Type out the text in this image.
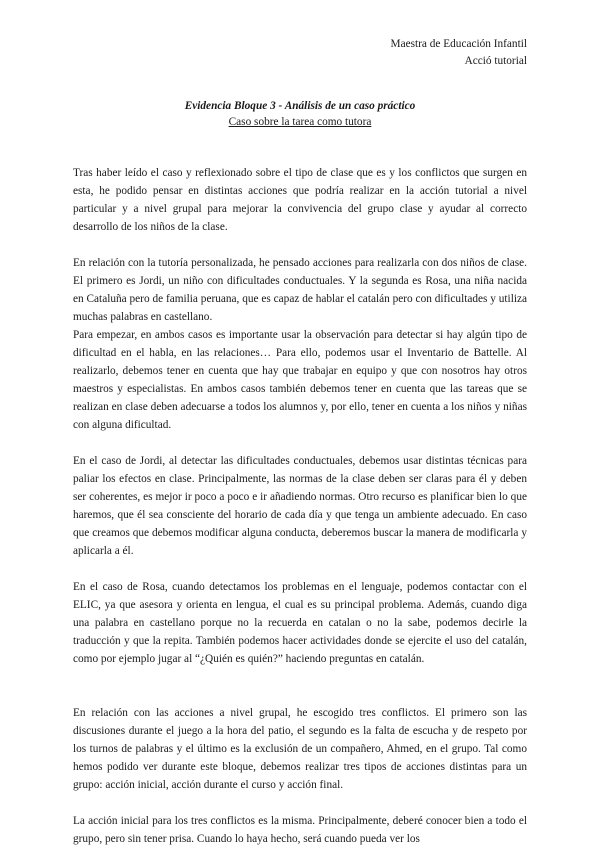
Maestra de Educación Infantil
Acció tutorial
Evidencia Bloque 3 - Análisis de un caso práctico
Caso sobre la tarea como tutora

Tras haber leído el caso y reflexionado sobre el tipo de clase que es y los conflictos que surgen en esta, he podido pensar en distintas acciones que podría realizar en la acción tutorial a nivel particular y a nivel grupal para mejorar la convivencia del grupo clase y ayudar al correcto desarrollo de los niños de la clase.

En relación con la tutoría personalizada, he pensado acciones para realizarla con dos niños de clase. El primero es Jordi, un niño con dificultades conductuales. Y la segunda es Rosa, una niña nacida en Cataluña pero de familia peruana, que es capaz de hablar el catalán pero con dificultades y utiliza muchas palabras en castellano.

Para empezar, en ambos casos es importante usar la observación para detectar si hay algún tipo de dificultad en el habla, en las relaciones… Para ello, podemos usar el Inventario de Battelle. Al realizarlo, debemos tener en cuenta que hay que trabajar en equipo y que con nosotros hay otros maestros y especialistas. En ambos casos también debemos tener en cuenta que las tareas que se realizan en clase deben adecuarse a todos los alumnos y, por ello, tener en cuenta a los niños y niñas con alguna dificultad.

En el caso de Jordi, al detectar las dificultades conductuales, debemos usar distintas técnicas para paliar los efectos en clase. Principalmente, las normas de la clase deben ser claras para él y deben ser coherentes, es mejor ir poco a poco e ir añadiendo normas. Otro recurso es planificar bien lo que haremos, que él sea consciente del horario de cada día y que tenga un ambiente adecuado. En caso que creamos que debemos modificar alguna conducta, deberemos buscar la manera de modificarla y aplicarla a él.

En el caso de Rosa, cuando detectamos los problemas en el lenguaje, podemos contactar con el ELIC, ya que asesora y orienta en lengua, el cual es su principal problema. Además, cuando diga una palabra en castellano porque no la recuerda en catalan o no la sabe, podemos decirle la traducción y que la repita. También podemos hacer actividades donde se ejercite el uso del catalán, como por ejemplo jugar al “¿Quién es quién?” haciendo preguntas en catalán.

En relación con las acciones a nivel grupal, he escogido tres conflictos. El primero son las discusiones durante el juego a la hora del patio, el segundo es la falta de escucha y de respeto por los turnos de palabras y el último es la exclusión de un compañero, Ahmed, en el grupo. Tal como hemos podido ver durante este bloque, debemos realizar tres tipos de acciones distintas para un grupo: acción inicial, acción durante el curso y acción final.

La acción inicial para los tres conflictos es la misma. Principalmente, deberé conocer bien a todo el grupo, pero sin tener prisa. Cuando lo haya hecho, será cuando pueda ver los
